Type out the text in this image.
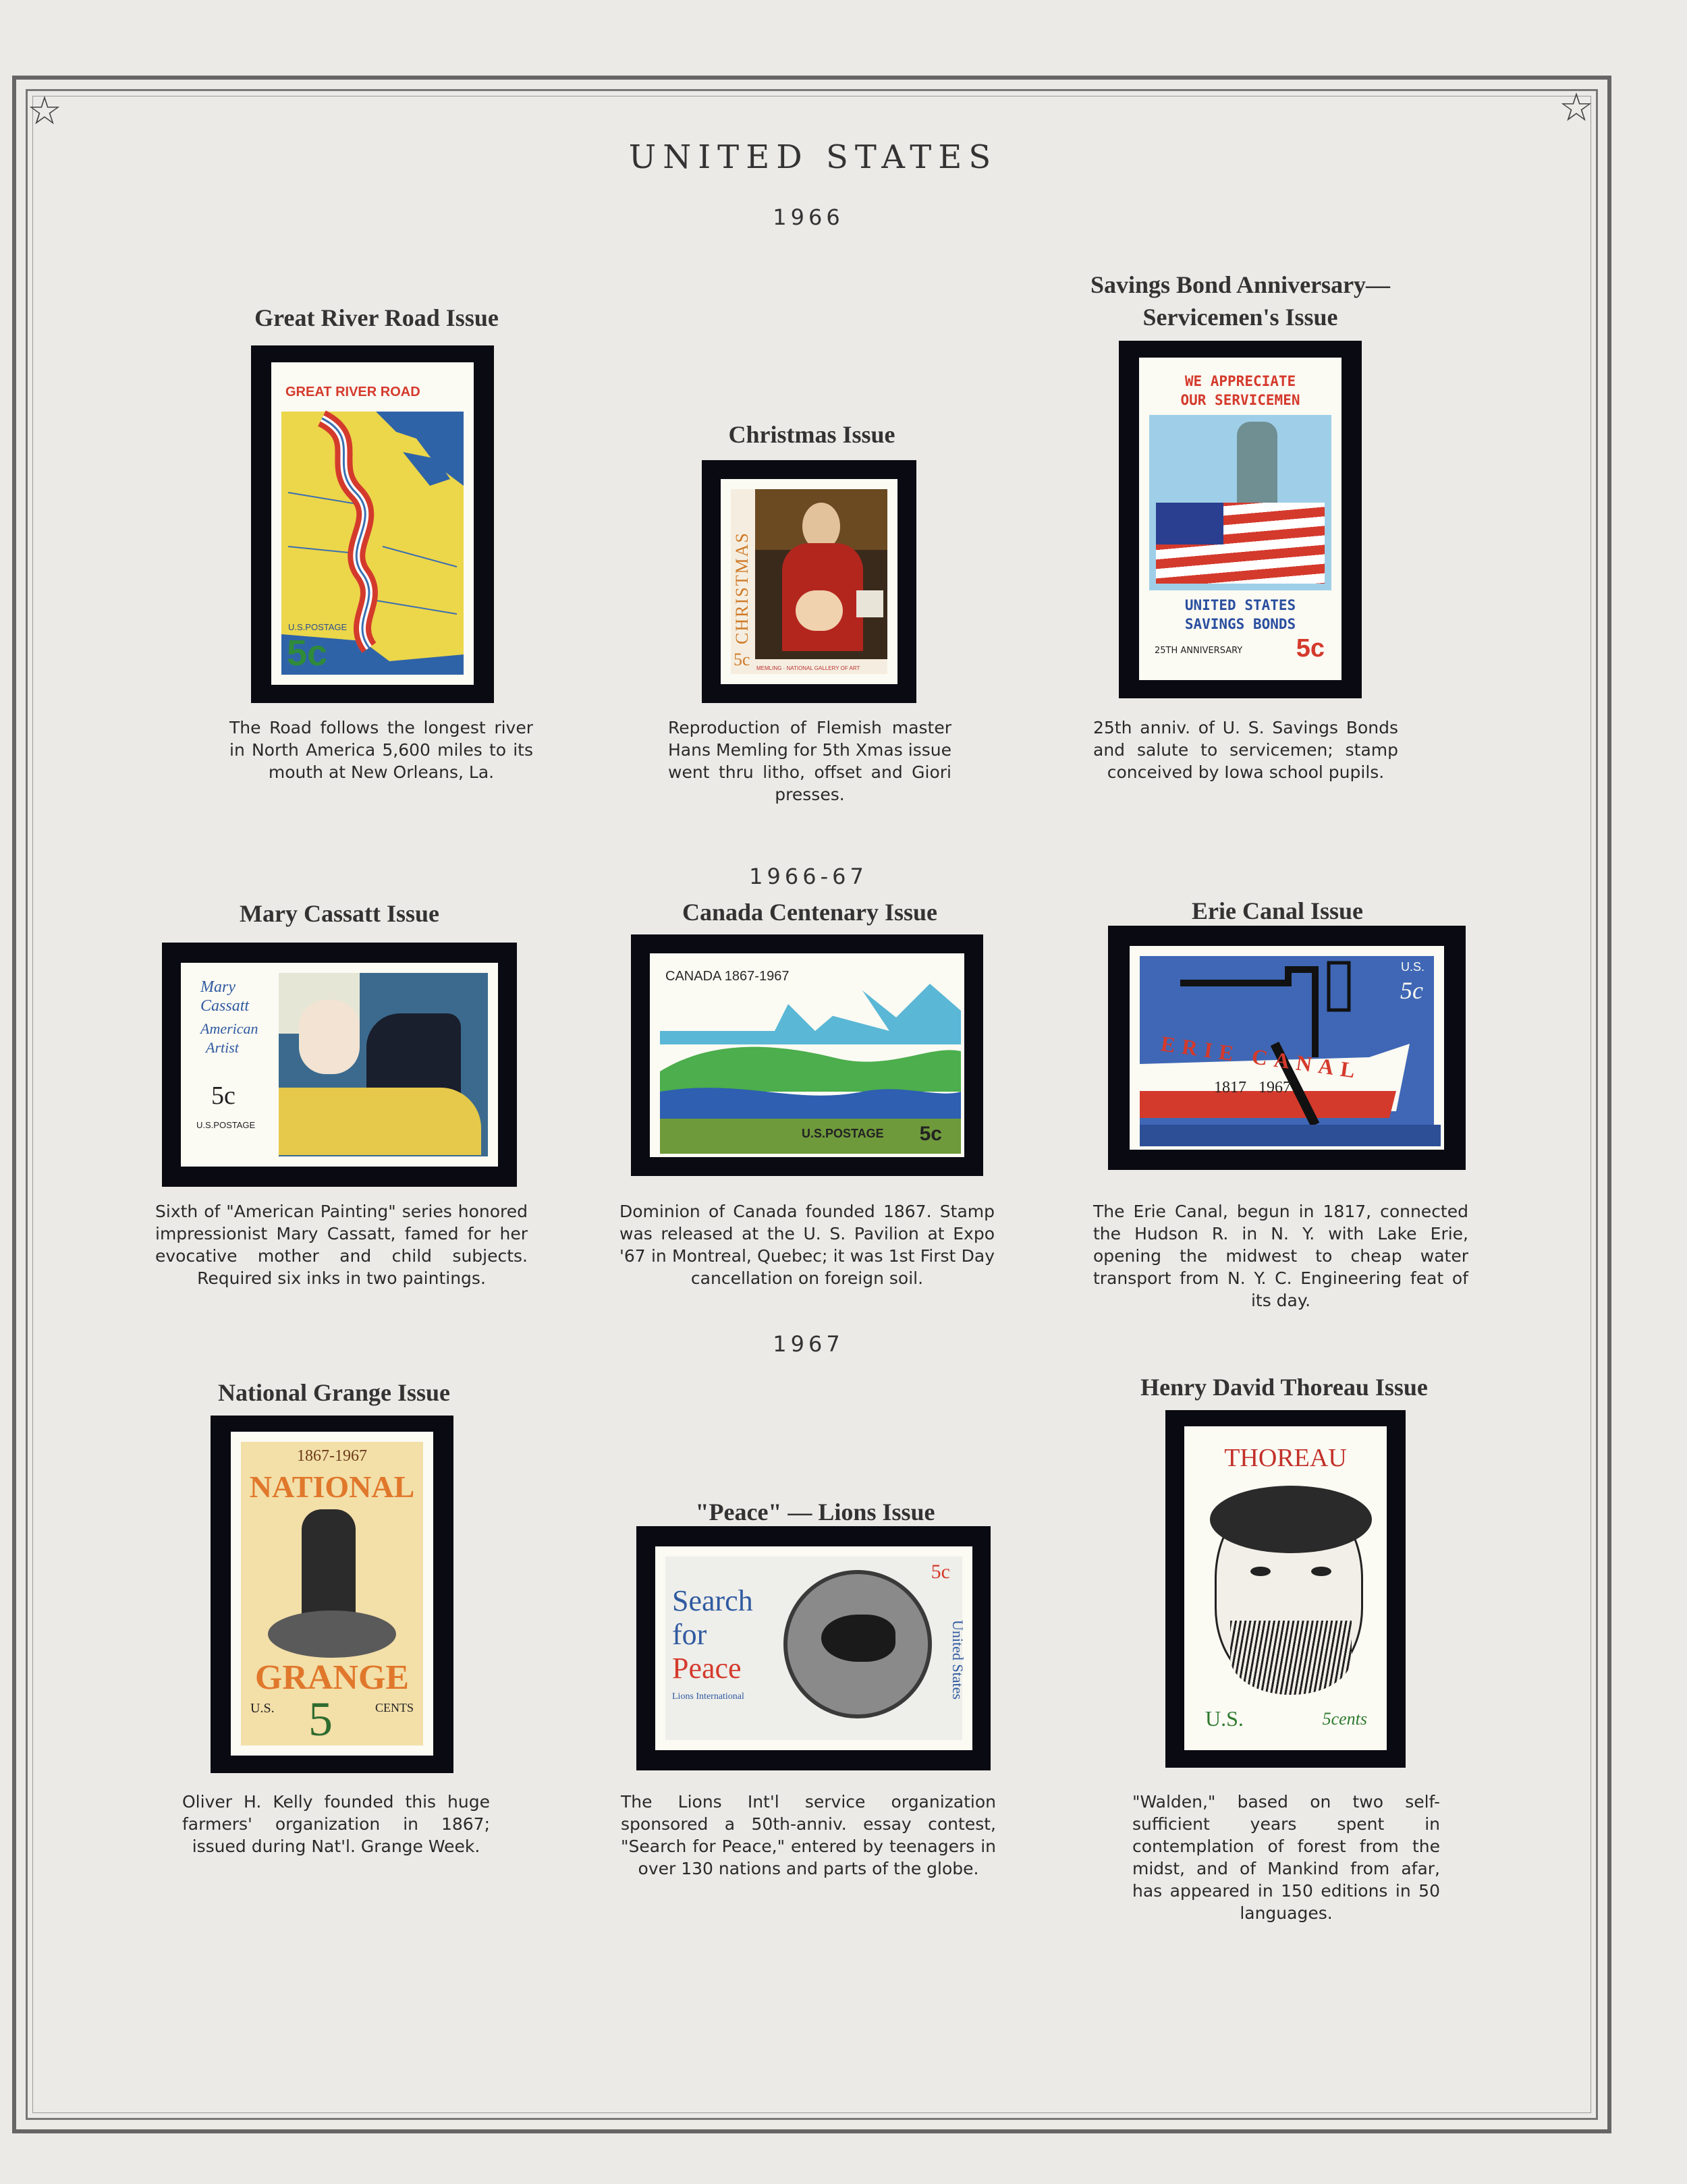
☆	☆
UNITED STATES
1966
1966-67
1967
Great River Road Issue
GREAT RIVER ROAD
U.S.POSTAGE
5c
The Road follows the longest river in North America 5,600 miles to its mouth at New Orleans, La.
Christmas Issue
CHRISTMAS
5c MEMLING · NATIONAL GALLERY OF ART
Reproduction of Flemish master Hans Memling for 5th Xmas issue went thru litho, offset and Giori presses.
Savings Bond Anniversary—
Servicemen's Issue
WE APPRECIATE
OUR SERVICEMEN
UNITED STATES
SAVINGS BONDS
25TH ANNIVERSARY 5c
25th anniv. of U. S. Savings Bonds and salute to servicemen; stamp conceived by Iowa school pupils.
Mary Cassatt Issue
Mary
Cassatt
American
Artist
5c
U.S.POSTAGE
Sixth of "American Painting" series honored impressionist Mary Cassatt, famed for her evocative mother and child subjects. Required six inks in two paintings.
Canada Centenary Issue
CANADA 1867-1967
U.S.POSTAGE 5c
Dominion of Canada founded 1867. Stamp was released at the U. S. Pavilion at Expo '67 in Montreal, Quebec; it was 1st First Day cancellation on foreign soil.
Erie Canal Issue
ERIE CANAL
1817   1967
U.S.
5c
The Erie Canal, begun in 1817, connected the Hudson R. in N. Y. with Lake Erie, opening the midwest to cheap water transport from N. Y. C. Engineering feat of its day.
National Grange Issue
1867-1967
NATIONAL
GRANGE
U.S. 5	CENTS
Oliver H. Kelly founded this huge farmers' organization in 1867; issued during Nat'l. Grange Week.
"Peace" — Lions Issue
Search
for
Peace
Lions International
5c
United States
The Lions Int'l service organization sponsored a 50th-anniv. essay contest, "Search for Peace," entered by teenagers in over 130 nations and parts of the globe.
Henry David Thoreau Issue
THOREAU
U.S.	5cents
"Walden," based on two self-sufficient years spent in contemplation of forest from the midst, and of Mankind from afar, has appeared in 150 editions in 50 languages.
